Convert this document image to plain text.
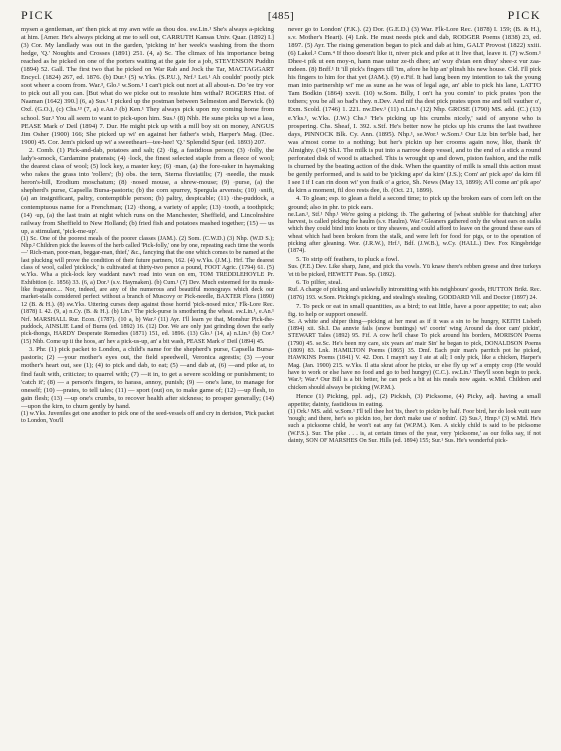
PICK	[485]	PICK

mysen a gentleman, an' then pick at my awn wife as thou dos. sw.Lin.¹ She's always a-picking at him. [Amer. He's always picking at me to sell out, CARRUTH Kansas Univ. Quar. (1892) I.] (3) Cor. My landlady was out in the garden, 'picking in' her week's washing from the thorn hedge, 'Q.' Noughts and Crosses (1891) 251. (4, a) Sc. The climax of his importance being reached as he picked on one of the porters waiting at the gate for a job, STEVENSON Puddin (1894) 52. Gall. The first two that he picked on War Rab and Jock the Tar, MACTAGGART Encycl. (1824) 267, ed. 1876. (b) Dur.¹ (5) w.Yks. (S.P.U.), Nrf.¹ Lei.¹ Ah couldn' pootly pick soot wheer a coom from. War.³, Glo.¹ w.Som.¹ I can't pick out nort at all about-n. Do 'ee try vor to pick out all you can. [But what do we pickе out to resolute him withal? ROGERS Hist. of Naaman (1642) 390.] (6, a) Sus.¹ I picked up the postman between Selmeston and Berwick. (b) Oxf. (G.O.), (c) Chs.¹³ (7, a) e.An.¹ (b) Ken.¹ They always pick upon my coming home from school. Sur.¹ You all seem to want to pick-upon him. Sus.¹ (8) Nhb. He sune picks up wi a lass, PEASE Mark o' Deil (1894) 7. Dur. He might pick up with a mill boy sit on money, ANGUS Jim Osher (1900) 166; She picked up wi' en against her father's wish, Harper's Mag. (Dec. 1900) 45. Cor. Jem's picked up wi' a sweetheart—tee-hee! 'Q.' Splendid Spur (ed. 1893) 207.

2. Comb. (1) Pick-and-dab, potatoes and salt; (2) ·fig, a fastidious person; (3) ·folly, the lady's-smock, Cardamine pratensis; (4) ·lock, the finest selected staple from a fleece of wool; the dearest class of wool; (5) lock key, a master key; (6) ·man, (a) the fore-raker in haymaking who rakes the grass into 'rollers'; (b) obs. the tern, Sterna fluviatilis; (7) ·needle, the musk heron's-bill, Erodium moschatum; (8) ·nosed mouse, a shrew-mouse; (9) ·purse, (a) the shepherd's purse, Capsella Bursa-pastoris; (b) the corn spurrey, Spergula arvensis; (10) ·snift, (a) an insignificant, paltry, contemptible person; (b) paltry, despicable; (11) ·the-puddock, a contemptuous name for a Frenchman; (12) ·thong, a variety of apple; (13) ·tooth, a toothpick; (14) ·up, (a) the last train at night which runs on the Manchester, Sheffield, and Lincolnshire railway from Sheffield to New Holland; (b) fried fish and potatoes mashed together; (15) — us up, a stimulant, 'pick-me-up'.

(1) Sc. One of the poorest meals of the poorer classes (JAM.). (2) Som. (C.W.D.) (3) Nhp. (W.D S.); Nhp.² Children pick the leaves of the herb called 'Pick-folly,' one by one, repeating each time the words—' Rich-man, poor-man, beggar-man, thief,' &c., fancying that the one which comes to be named at the last plucking will prove the condition of their future partners, 162. (4) w.Yks. (J.M.). Hrf. The dearest class of wool, called 'picklock,' is cultivated at thirty-two pence a pound, FOOT Agric. (1794) 61. (5) w.Yks. Wha a pick-lock key waddant naw't road into wun on em, TOM TREDDLEHOYLE Pr. Exhibition (c. 1856) 33. (6, a) Dor.¹ (s.v. Haymaken). (b) Cum.¹ (7) Dev. Much esteemed for its musk-like fragrance.... Nor, indeed, are any of the numerous and beautiful monograys which deck our market-stalls considered perfect without a branch of Muscovy or Pick-needle, BAXTER Flora (1890) 12 (B. & H.). (8) sw.Yks. Uttering curses deep against those horrid 'pick-nosed mice,' Flk-Lore Rec. (1878) I. 42. (9, a) n.Cy. (B. & H.). (b) Lin.¹ The pick-purse is smothering the wheat. sw.Lin.¹, e.An.¹ Nrf. MARSHALL Rur. Econ. (1787). (10 a, b) War.² (11) Ayr. I'll learn ye that, Monshur Pick-the-puddock, AINSLIE Land of Burns (ed. 1892) 16. (12) Dor. We are only just grinding down the early pick-thongs, HARDY Desperate Remedies (1871) 151, ed. 1896. (13) Glo.¹ (14, a) n.Lin.¹ (b) Cor.³ (15) Nhb. Come up ii the hoos, an' hev a pick-us-up, an' a bit wash, PEASE Mark o' Deil (1894) 45.

3. Phr. (1) pick packet to London, a child's name for the shepherd's purse, Capsella Bursa-pastoris; (2) —your mother's eyes out, the field speedwell, Veronica agrestis; (3) —your mother's heart out, see (1); (4) to pick and dab, to eat; (5) —and dab at, (6) —and pike at, to find fault with, criticize; to quarrel with; (7) —it in, to get a severe scolding or punishment; to 'catch it'; (8) — a person's fingers, to harass, annoy, punish; (9) — one's lane, to manage for oneself; (10) —prates, to tell tales; (11) — sport (out) on, to make game of; (12) —up flesh, to gain flesh; (13) —up one's crumbs, to recover health after sickness; to prosper generally; (14) —upon the kirn, to churn gently by hand.

(1) w.Yks. Juveniles get one another to pick one of the seed-vessels off and cry in derision, 'Pick packet to London, You'll

never go to London' (F.K.). (2) Dor. (G.E.D.) (3) War. Flk-Lore Rec. (1878) I. 159; (B. & H.), s.v. Mother's Heart). (4) Lnk. He must needs pick and dab, RODGER Poems (1838) 23, ed. 1897. (5) Ayr. The rising generation began to pick and dab at him, GALT Provost (1822) xxiii. (6) Lakel.² Cum.⁴ If thoo doesn't like it, niver pick and pike at it live that, leave it. (7) w.Som.¹ Dhee-t pik ut een moy-n, hann mae ustur ze-th dhee; an' wuy d'stan een dhuy' shee-z vur zaa-mdeen. (8) Bnff.¹ It 'ill pick's fingers till 'im, afore he hip an' plinsh his new house. Cld. I'll pick his fingers to him for that yet (JAM.). (9) e.Fif. It had lang been my intention to tak the young man into partnership wi' me as sune as he was of legal age, an' able to pick his lane, LATTO Tam Bodkin (1864) xxvii. (10) w.Som. Billy, I on't ha you comin' to pick prates 'pon the tothers; you be all so bad's they. n.Dev. And nif tha dest pick prates upon me and tell vauther o', Exm. Scold. (1746) 1. 221. nw.Dev.¹ (11) n.Lin.¹ (12) Nhp. GROSE (1790) MS. add. (C.) (13) e.Yks.¹, w.Yks. (J.W.) Chs.¹ 'He's picking up his crumbs nicely,' said of anyone who is prospering. Chs. Sheaf, I. 392. s.Stf. He's better now he picks up his crums the last twathree days, PINNOCK Blk. Cy. Ann. (1895). Nhp.¹, se.Wor.¹ w.Som.¹ Our Liz bin ter'ble bad, her was a'most come to a nothing; but her's pickin up her crooms again now, like, thank th' Almighty. (14) Sh.I. The milk is put into a narrow deep vessel, and to the end of a stick a round perforated disk of wood is attached. This is wrought up and down, piston fashion, and the milk is churned by the beating action of the disk. When the quantity of milk is small this action must be gently performed, and is said to be 'picking apo' da kirn' (J.S.); Com' an' pick apo' da kirn fil I see I if I can rin doon wi' yon fraik o' a grice, Sh. News (May 13, 1899); A'll come an' pik apo' da kirn a moment, fil doo rests dee, ib. (Oct. 21, 1899).

4. To glean; esp. to glean a field a second time; to pick up the broken ears of corn left on the ground; also in phr. to pick ears.

ne.Lan.¹, Stf.¹ Nhp.¹ We're going a picking; ib. The gathering of [wheat stubble for thatching] after harvest, is called picking the haulm (s.v. Haulm). War.³ Gleaners gathered only the wheat ears on stalks which they could bind into knots or tiny sheaves, and could afford to leave on the ground these ears of wheat which had been broken from the stalk, and were left for food for pigs, or to the operation of picking after gleaning. Wor. (J.R.W.), Hrf.¹, Bdf. (J.W.B.), w.Cy. (HALL.) Dev. Fox Kingsbridge (1874).

5. To strip off feathers, to pluck a fowl.

Sus. (F.E.) Dev. Like sharp, Jane, and pick tha vowls. Yü knaw there's rebben greese and dree turkeys 'et tü be picked, HEWETT Peas. Sp. (1892).

6. To pilfer, steal.

Ruf. A charge of picking and unlawfully intromitting with his neighbours' goods, HUTTON Brikt. Rec. (1876) 193. w.Som. Picking's picking, and stealing's stealing, GODDARD Vill. and Doctor (1897) 24.

7. To peck or eat in small quantities, as a bird; to eat little, have a poor appetite; to eat; also fig. to help or support oneself.

Sc. A white and shiper thing—picking at her meat as if it was a sin to be hungry, KEITH Lisbeth (1894) xii. Sh.I. Da annvie fails (snow buntings) wi' coorin' wing Around da door cam' pickin', STEWART Tales (1892) 95. Fif. A cow he'll chase To pick around his borders, MORISON Poems (1790) 45. se.Sc. He's been my care, six years an' mair Sin' he began to pick, DONALDSON Poems (1809) 83. Lnk. HAMILTON Poems (1865) 35. Dmf. Each puir man's parritch pot he picked, HAWKINS Poems (1841) V. 42. Don. I mayn't say I ate at all; I only pick, like a chicken, Harper's Mag. (Jan. 1900) 215. w.Yks. Il atta skrat afoor he picks, ur else fly up wi' a empty crop (He would have to work or else have no food and go to bed hungry) (C.C.). sw.Lin.¹ They'll soon begin to peck. War.³; War.⁴ Our Bill is a bit better, he can peck a bit at his meals now again. w.Mid. Children and chicken should always be picking (W.P.M.).

Hence (1) Picking, ppl. adj., (2) Pickish, (3) Picksome, (4) Picky, adj. having a small appetite; dainty, fastidious in eating.

(1) Ork.¹ MS. add. w.Som.¹ I'll tell thee hot 'tis, thee't to pickin by half. Foor bird, her do look vuiit sure 'nough; and there, her's so pickin too, her don't make use o' nothin'. (2) Sus.², Hmp.¹ (3) w.Mid. He's such a picksome child, he won't eat any fat (W.P.M.). Ken. A sickly child is said to be picksome (W.F.S.). Sur. The pike . . . is, at certain times of the year, very 'picksome,' as our folks say, if not dainty, SON OF MARSHES On Sur. Hills (ed. 1894) 155; Sur.¹ Sus. He's wonderful pick-
